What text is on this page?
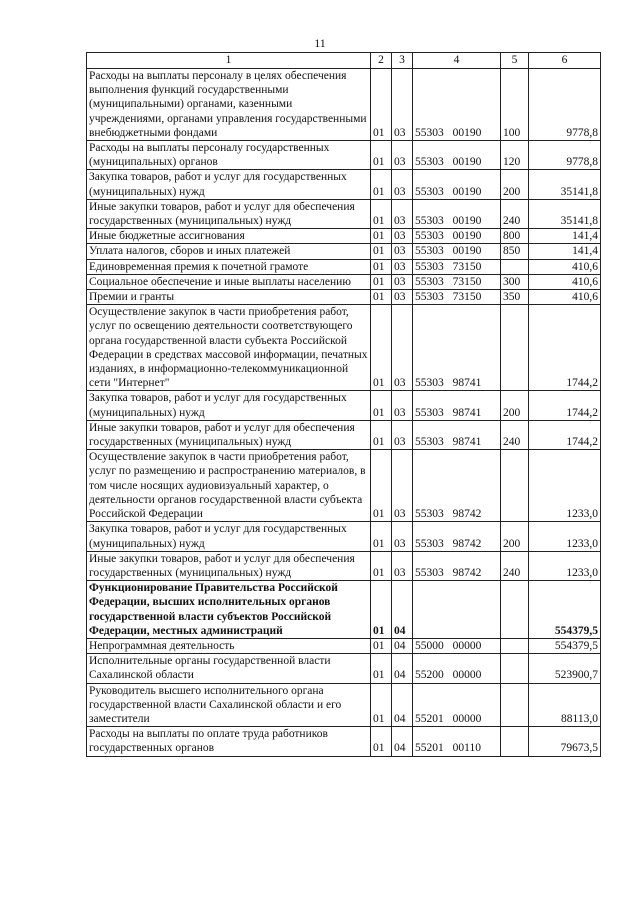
11
1	2	3	4	5	6
Расходы на выплаты персоналу в целях обеспечения выполнения функций государственными (муниципальными) органами, казенными учреждениями, органами управления государственными внебюджетными фондами	01	03	55303 00190	100	9778,8
Расходы на выплаты персоналу государственных (муниципальных) органов	01	03	55303 00190	120	9778,8
Закупка товаров, работ и услуг для государственных (муниципальных) нужд	01	03	55303 00190	200	35141,8
Иные закупки товаров, работ и услуг для обеспечения государственных (муниципальных) нужд	01	03	55303 00190	240	35141,8
Иные бюджетные ассигнования	01	03	55303 00190	800	141,4
Уплата налогов, сборов и иных платежей	01	03	55303 00190	850	141,4
Единовременная премия к почетной грамоте	01	03	55303 73150		410,6
Социальное обеспечение и иные выплаты населению	01	03	55303 73150	300	410,6
Премии и гранты	01	03	55303 73150	350	410,6
Осуществление закупок в части приобретения работ, услуг по освещению деятельности соответствующего органа государственной власти субъекта Российской Федерации в средствах массовой информации, печатных изданиях, в информационно-телекоммуникационной сети "Интернет"	01	03	55303 98741		1744,2
Закупка товаров, работ и услуг для государственных (муниципальных) нужд	01	03	55303 98741	200	1744,2
Иные закупки товаров, работ и услуг для обеспечения государственных (муниципальных) нужд	01	03	55303 98741	240	1744,2
Осуществление закупок в части приобретения работ, услуг по размещению и распространению материалов, в том числе носящих аудиовизуальный характер, о деятельности органов государственной власти субъекта Российской Федерации	01	03	55303 98742		1233,0
Закупка товаров, работ и услуг для государственных (муниципальных) нужд	01	03	55303 98742	200	1233,0
Иные закупки товаров, работ и услуг для обеспечения государственных (муниципальных) нужд	01	03	55303 98742	240	1233,0
Функционирование Правительства Российской Федерации, высших исполнительных органов государственной власти субъектов Российской Федерации, местных администраций	01	04			554379,5
Непрограммная деятельность	01	04	55000 00000		554379,5
Исполнительные органы государственной власти Сахалинской области	01	04	55200 00000		523900,7
Руководитель высшего исполнительного органа государственной власти Сахалинской области и его заместители	01	04	55201 00000		88113,0
Расходы на выплаты по оплате труда работников государственных органов	01	04	55201 00110		79673,5
